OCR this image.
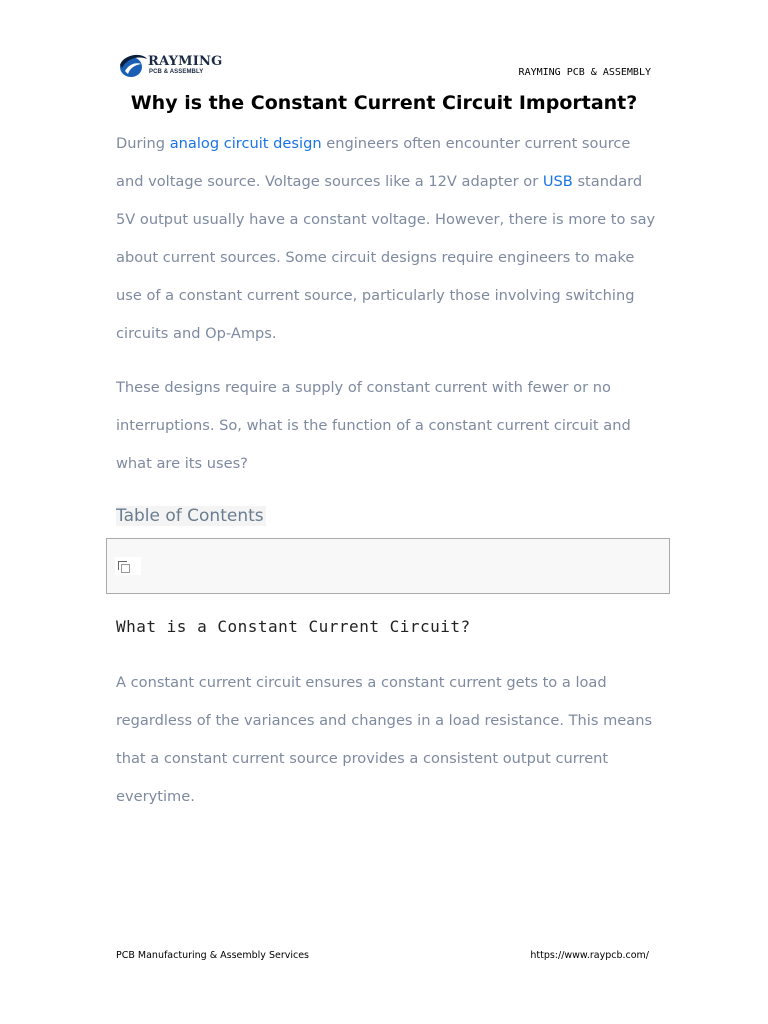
RAYMING
PCB & ASSEMBLY	RAYMING PCB & ASSEMBLY
Why is the Constant Current Circuit Important?

During analog circuit design engineers often encounter current source and voltage source. Voltage sources like a 12V adapter or USB standard 5V output usually have a constant voltage. However, there is more to say about current sources. Some circuit designs require engineers to make use of a constant current source, particularly those involving switching circuits and Op-Amps.

These designs require a supply of constant current with fewer or no interruptions. So, what is the function of a constant current circuit and what are its uses?

Table of Contents
What is a Constant Current Circuit?

A constant current circuit ensures a constant current gets to a load regardless of the variances and changes in a load resistance. This means that a constant current source provides a consistent output current everytime.

PCB Manufacturing & Assembly Services	https://www.raypcb.com/
